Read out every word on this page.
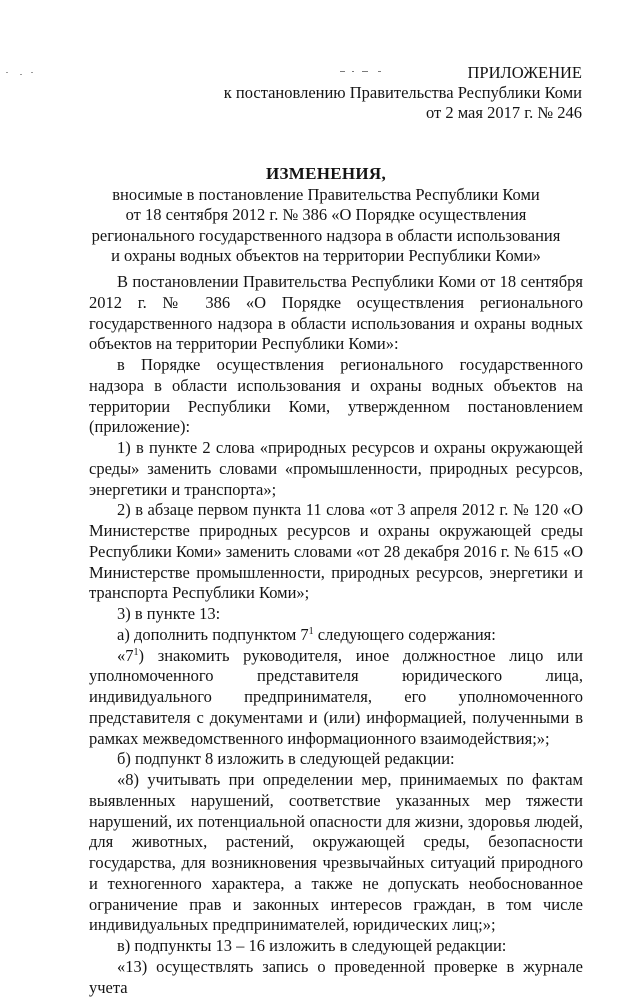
ПРИЛОЖЕНИЕ
к постановлению Правительства Республики Коми
от 2 мая 2017 г. № 246
ИЗМЕНЕНИЯ,
вносимые в постановление Правительства Республики Коми
от 18 сентября 2012 г. № 386 «О Порядке осуществления
регионального государственного надзора в области использования
и охраны водных объектов на территории Республики Коми»

В постановлении Правительства Республики Коми от 18 сентября 2012 г. № 386 «О Порядке осуществления регионального государственного надзора в области использования и охраны водных объектов на территории Республики Коми»:

в Порядке осуществления регионального государственного надзора в области использования и охраны водных объектов на территории Республики Коми, утвержденном постановлением (приложение):

1) в пункте 2 слова «природных ресурсов и охраны окружающей среды» заменить словами «промышленности, природных ресурсов, энергетики и транспорта»;

2) в абзаце первом пункта 11 слова «от 3 апреля 2012 г. № 120 «О Министерстве природных ресурсов и охраны окружающей среды Республики Коми» заменить словами «от 28 декабря 2016 г. № 615 «О Министерстве промышленности, природных ресурсов, энергетики и транспорта Республики Коми»;

3) в пункте 13:

а) дополнить подпунктом $7^1$ следующего содержания:

«$7^1$) знакомить руководителя, иное должностное лицо или уполномоченного представителя юридического лица, индивидуального предпринимателя, его уполномоченного представителя с документами и (или) информацией, полученными в рамках межведомственного информационного взаимодействия;»;

б) подпункт 8 изложить в следующей редакции:

«8) учитывать при определении мер, принимаемых по фактам выявленных нарушений, соответствие указанных мер тяжести нарушений, их потенциальной опасности для жизни, здоровья людей, для животных, растений, окружающей среды, безопасности государства, для возникновения чрезвычайных ситуаций природного и техногенного характера, а также не допускать необоснованное ограничение прав и законных интересов граждан, в том числе индивидуальных предпринимателей, юридических лиц;»;

в) подпункты 13 – 16 изложить в следующей редакции:

«13) осуществлять запись о проведенной проверке в журнале учета
